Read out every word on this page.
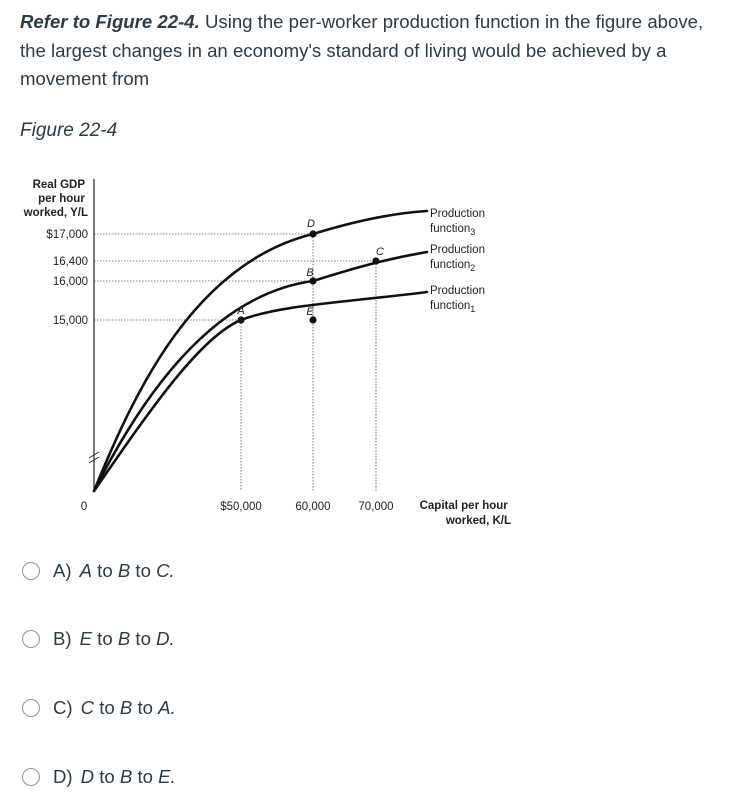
Refer to Figure 22-4. Using the per-worker production function in the figure above, the largest changes in an economy's standard of living would be achieved by a movement from
Figure 22-4
Real GDP per hour worked, Y/L
Capital per hour worked, K/L
0
$17,000
16,400
16,000
15,000
$50,000	60,000 70,000
A
B
C
D
E
Production function$_3$
Production function$_2$
Production function$_1$
A) A to B to C.
B) E to B to D.
C) C to B to A.
D) D to B to E.
